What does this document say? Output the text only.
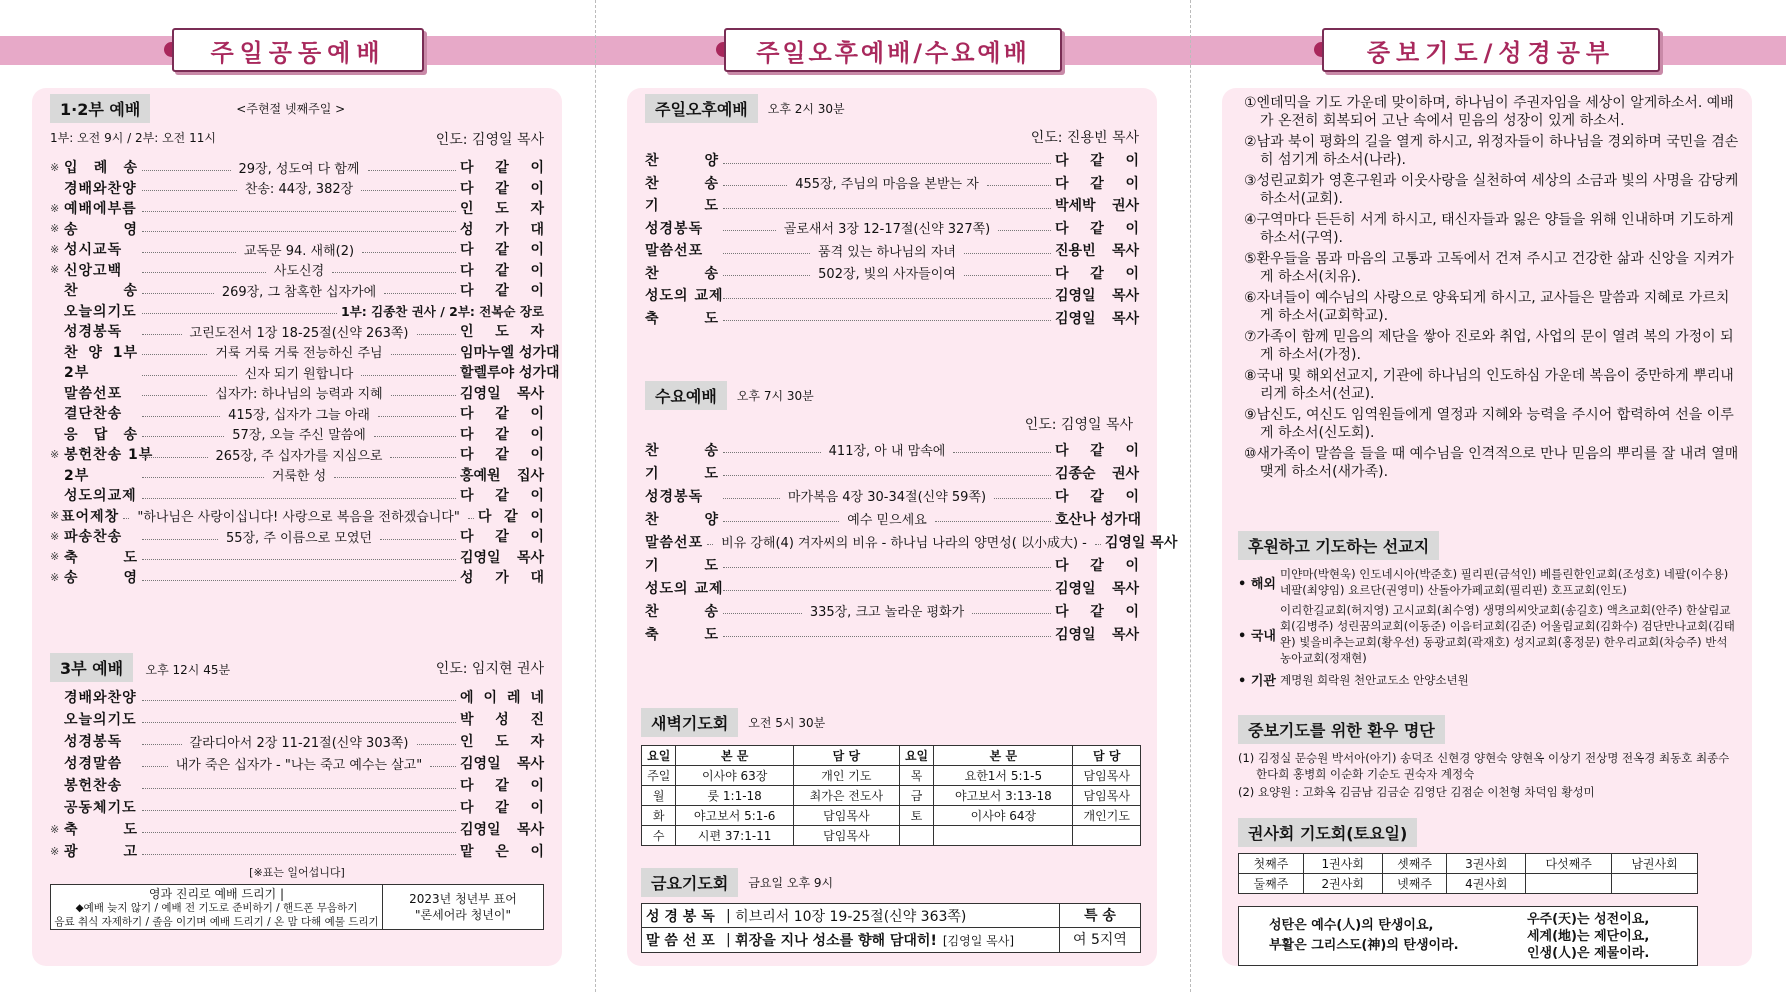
주일공동예배	주일오후예배/수요예배	중보기도/성경공부
1·2부 예배	<주현절 넷째주일 >
1부: 오전 9시 / 2부: 오전 11시	인도: 김영일 목사
※ 입 례 송	29장, 성도여 다 함께	다 같 이
경배와찬양	찬송: 44장, 382장	다 같 이
※ 예배에부름	인 도 자
※ 송 영	성 가 대
※ 성시교독	교독문 94. 새해(2)	다 같 이
※ 신앙고백	사도신경	다 같 이
찬 송	269장, 그 참혹한 십자가에	다 같 이
오늘의기도	1부: 김종찬 권사 / 2부: 전복순 장로
성경봉독	고린도전서 1장 18-25절(신약 263쪽)	인 도 자
찬 양 1부	거룩 거룩 거룩 전능하신 주님	임마누엘 성가대
2부	신자 되기 원합니다	할렐루야 성가대
말씀선포	십자가: 하나님의 능력과 지혜	김영일 목사
결단찬송	415장, 십자가 그늘 아래	다 같 이
응 답 송	57장, 오늘 주신 말씀에	다 같 이
※ 봉헌찬송 1부	265장, 주 십자가를 지심으로	다 같 이
2부	거룩한 성	홍예원 집사
성도의교제	다 같 이
※ 표어제창	"하나님은 사랑이십니다! 사랑으로 복음을 전하겠습니다" 다 같 이
※ 파송찬송	55장, 주 이름으로 모였던	다 같 이
※ 축 도	김영일 목사
※ 송 영	성 가 대
3부 예배 오후 12시 45분	인도: 임지현 권사
경배와찬양	에 이 레 네
오늘의기도	박 성 진
성경봉독	갈라디아서 2장 11-21절(신약 303쪽)	인 도 자
성경말씀	내가 죽은 십자가 - "나는 죽고 예수는 살고"	김영일 목사
봉헌찬송	다 같 이
공동체기도	다 같 이
※ 축 도	김영일 목사
※ 광 고	맡 은 이
[※표는 일어섭니다]
영과 진리로 예배 드리기 |
◆예배 늦지 않기 / 예배 전 기도로 준비하기 / 핸드폰 무음하기
음료 취식 자제하기 / 졸음 이기며 예배 드리기 / 온 맘 다해 예물 드리기
2023년 청년부 표어
"론세어라 청년이"
주일오후예배	오후 2시 30분
인도: 진용빈 목사
찬 양	다 같 이
찬 송	455장, 주님의 마음을 본받는 자	다 같 이
기 도	박세박 권사
성경봉독	골로새서 3장 12-17절(신약 327쪽)	다 같 이
말씀선포	품격 있는 하나님의 자녀	진용빈 목사
찬 송	502장, 빛의 사자들이여	다 같 이
성도의 교제	김영일 목사
축 도	김영일 목사
수요예배	오후 7시 30분
인도: 김영일 목사
찬 송	411장, 아 내 맘속에	다 같 이
기 도	김종순 권사
성경봉독	마가복음 4장 30-34절(신약 59쪽)	다 같 이
찬 양	예수 믿으세요	호산나 성가대
말씀선포	비유 강해(4) 겨자씨의 비유 - 하나님 나라의 양면성( 以小成大) - 김영일 목사
기 도	다 같 이
성도의 교제	김영일 목사
찬 송	335장, 크고 놀라운 평화가	다 같 이
축 도	김영일 목사
새벽기도회	오전 5시 30분
요일	본 문	담 당	요일	본 문	담 당
주일	이사야 63장	개인 기도	목	요한1서 5:1-5	담임목사
월	룻 1:1-18	최가은 전도사	금	야고보서 3:13-18	담임목사
화	야고보서 5:1-6	담임목사	토	이사야 64장	개인기도
수	시편 37:1-11	담임목사			
금요기도회	금요일 오후 9시
성 경 봉 독 | 히브리서 10장 19-25절(신약 363쪽)
말 씀 선 포 | 휘장을 지나 성소를 향해 담대히! [김영일 목사]
특 송
여 5지역
①엔데믹을 기도 가운데 맞이하며, 하나님이 주권자임을 세상이 알게하소서. 예배가 온전히 회복되어 고난 속에서 믿음의 성장이 있게 하소서.
②남과 북이 평화의 길을 열게 하시고, 위정자들이 하나님을 경외하며 국민을 겸손히 섬기게 하소서(나라).
③성린교회가 영혼구원과 이웃사랑을 실천하여 세상의 소금과 빛의 사명을 감당케 하소서(교회).
④구역마다 든든히 서게 하시고, 태신자들과 잃은 양들을 위해 인내하며 기도하게 하소서(구역).
⑤환우들을 몸과 마음의 고통과 고독에서 건져 주시고 건강한 삶과 신앙을 지켜가게 하소서(치유).
⑥자녀들이 예수님의 사랑으로 양육되게 하시고, 교사들은 말씀과 지혜로 가르치게 하소서(교회학교).
⑦가족이 함께 믿음의 제단을 쌓아 진로와 취업, 사업의 문이 열려 복의 가정이 되게 하소서(가정).
⑧국내 및 해외선교지, 기관에 하나님의 인도하심 가운데 복음이 중만하게 뿌리내리게 하소서(선교).
⑨남신도, 여신도 임역원들에게 열정과 지혜와 능력을 주시어 합력하여 선을 이루게 하소서(신도회).
⑩새가족이 말씀을 들을 때 예수님을 인격적으로 만나 믿음의 뿌리를 잘 내려 열매 맺게 하소서(새가족).
후원하고 기도하는 선교지
• 해외
미얀마(박현욱) 인도네시아(박준호) 필리핀(금석인) 베를린한인교회(조성호) 네팔(이수용) 네팔(최양임) 요르단(권영미) 산돌아가페교회(필리핀) 호프교회(인도)
• 국내
이리한길교회(허지영) 고시교회(최수영) 생명의씨앗교회(송길호) 액츠교회(안주) 한살림교회(김병주) 성린꿈의교회(이동준) 이음터교회(김준) 어울림교회(김화수) 검단만나교회(김태완) 빛을비추는교회(황우선) 동광교회(곽재호) 성지교회(홍정문) 한우리교회(차승주) 반석농아교회(정재현)
• 기관 계명원 희락원 천안교도소 안양소년원
중보기도를 위한 환우 명단
(1) 김정실 문승원 박서아(아기) 송덕조 신현경 양현숙 양현옥 이상기 전상명 전옥경 최동호 최종수 한다희 홍병희 이순화 기순도 권숙자 계정숙
(2) 요양원 : 고화옥 김금남 김금순 김영단 김점순 이천형 차덕임 황성미
권사회 기도회(토요일)
첫째주	1권사회	셋째주	3권사회	다섯째주	남권사회
둘째주	2권사회	넷째주	4권사회		
성탄은 예수(人)의 탄생이요,
부활은 그리스도(神)의 탄생이라.
우주(天)는 성전이요,
세계(地)는 제단이요,
인생(人)은 제물이라.
